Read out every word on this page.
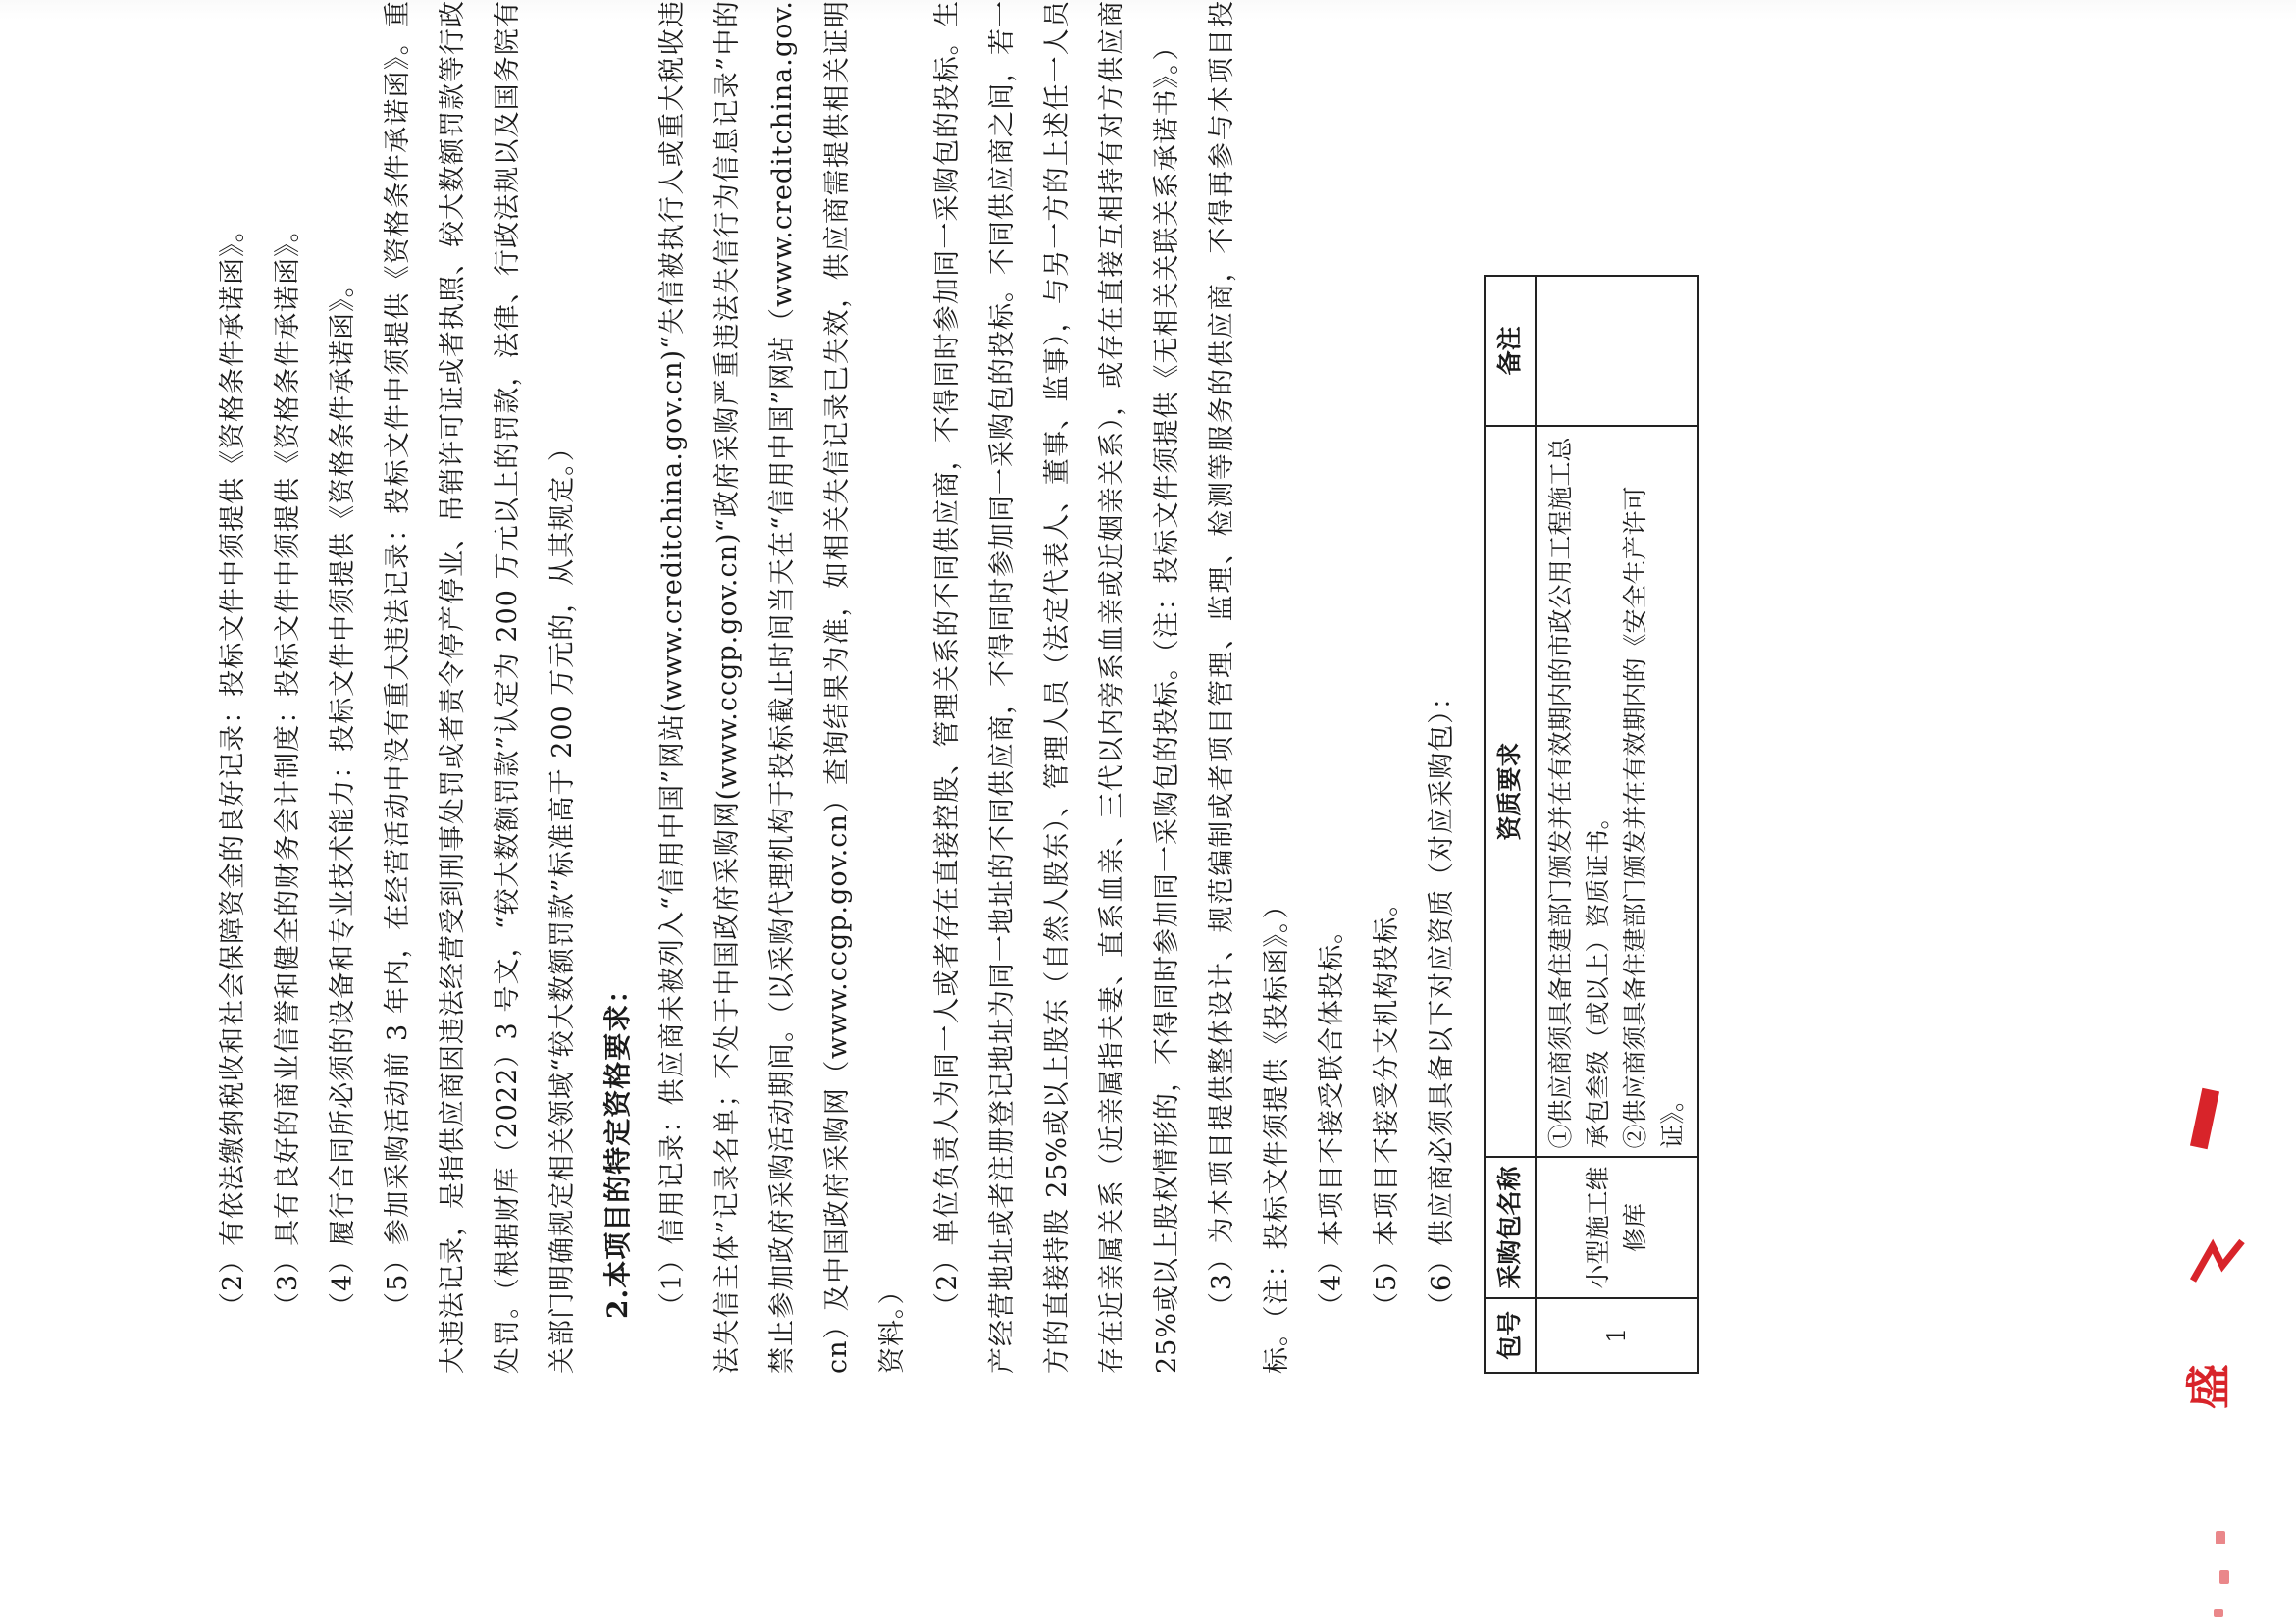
（2）有依法缴纳税收和社会保障资金的良好记录：投标文件中须提供《资格条件承诺函》。 （3）具有良好的商业信誉和健全的财务会计制度：投标文件中须提供《资格条件承诺函》。 （4）履行合同所必须的设备和专业技术能力：投标文件中须提供《资格条件承诺函》。 （5）参加采购活动前 3 年内，在经营活动中没有重大违法记录：投标文件中须提供《资格条件承诺函》。重大违法记录，是指供应商因违法经营受到刑事处罚或者责令停产停业、吊销许可证或者执照、较大数额罚款等行政处罚。（根据财库（2022）3 号文，“较大数额罚款”认定为 200 万元以上的罚款，法律、行政法规以及国务院有关部门明确规定相关领域“较大数额罚款”标准高于 200 万元的，从其规定。） 2.本项目的特定资格要求： （1）信用记录：供应商未被列入“信用中国”网站(www.creditchina.gov.cn)“失信被执行人或重大税收违法失信主体”记录名单；不处于中国政府采购网(www.ccgp.gov.cn)“政府采购严重违法失信行为信息记录”中的禁止参加政府采购活动期间。（以采购代理机构于投标截止时间当天在“信用中国”网站（www.creditchina.gov.cn）及中国政府采购网（www.ccgp.gov.cn）查询结果为准，如相关失信记录已失效，供应商需提供相关证明资料。）

（2）单位负责人为同一人或者存在直接控股、管理关系的不同供应商，不得同时参加同一采购包的投标。生产经营地址或者注册登记地址为同一地址的不同供应商，不得同时参加同一采购包的投标。不同供应商之间，若一方的直接持股 25%或以上股东（自然人股东）、管理人员（法定代表人、董事、监事），与另一方的上述任一人员存在近亲属关系（近亲属指夫妻、直系血亲、三代以内旁系血亲或近姻亲关系），或存在直接互相持有对方供应商 25%或以上股权情形的，不得同时参加同一采购包的投标。（注：投标文件须提供《无相关关联关系承诺书》。） （3）为本项目提供整体设计、规范编制或者项目管理、监理、检测等服务的供应商，不得再参与本项目投标。（注：投标文件须提供《投标函》。） （4）本项目不接受联合体投标。 （5）本项目不接受分支机构投标。 （6）供应商必须具备以下对应资质（对应采购包）：

包号	采购包名称	资质要求	备注
1	小型施工维修库	①供应商须具备住建部门颁发并在有效期内的市政公用工程施工总承包叁级（或以上）资质证书。 ②供应商须具备住建部门颁发并在有效期内的《安全生产许可证》。	

盛
